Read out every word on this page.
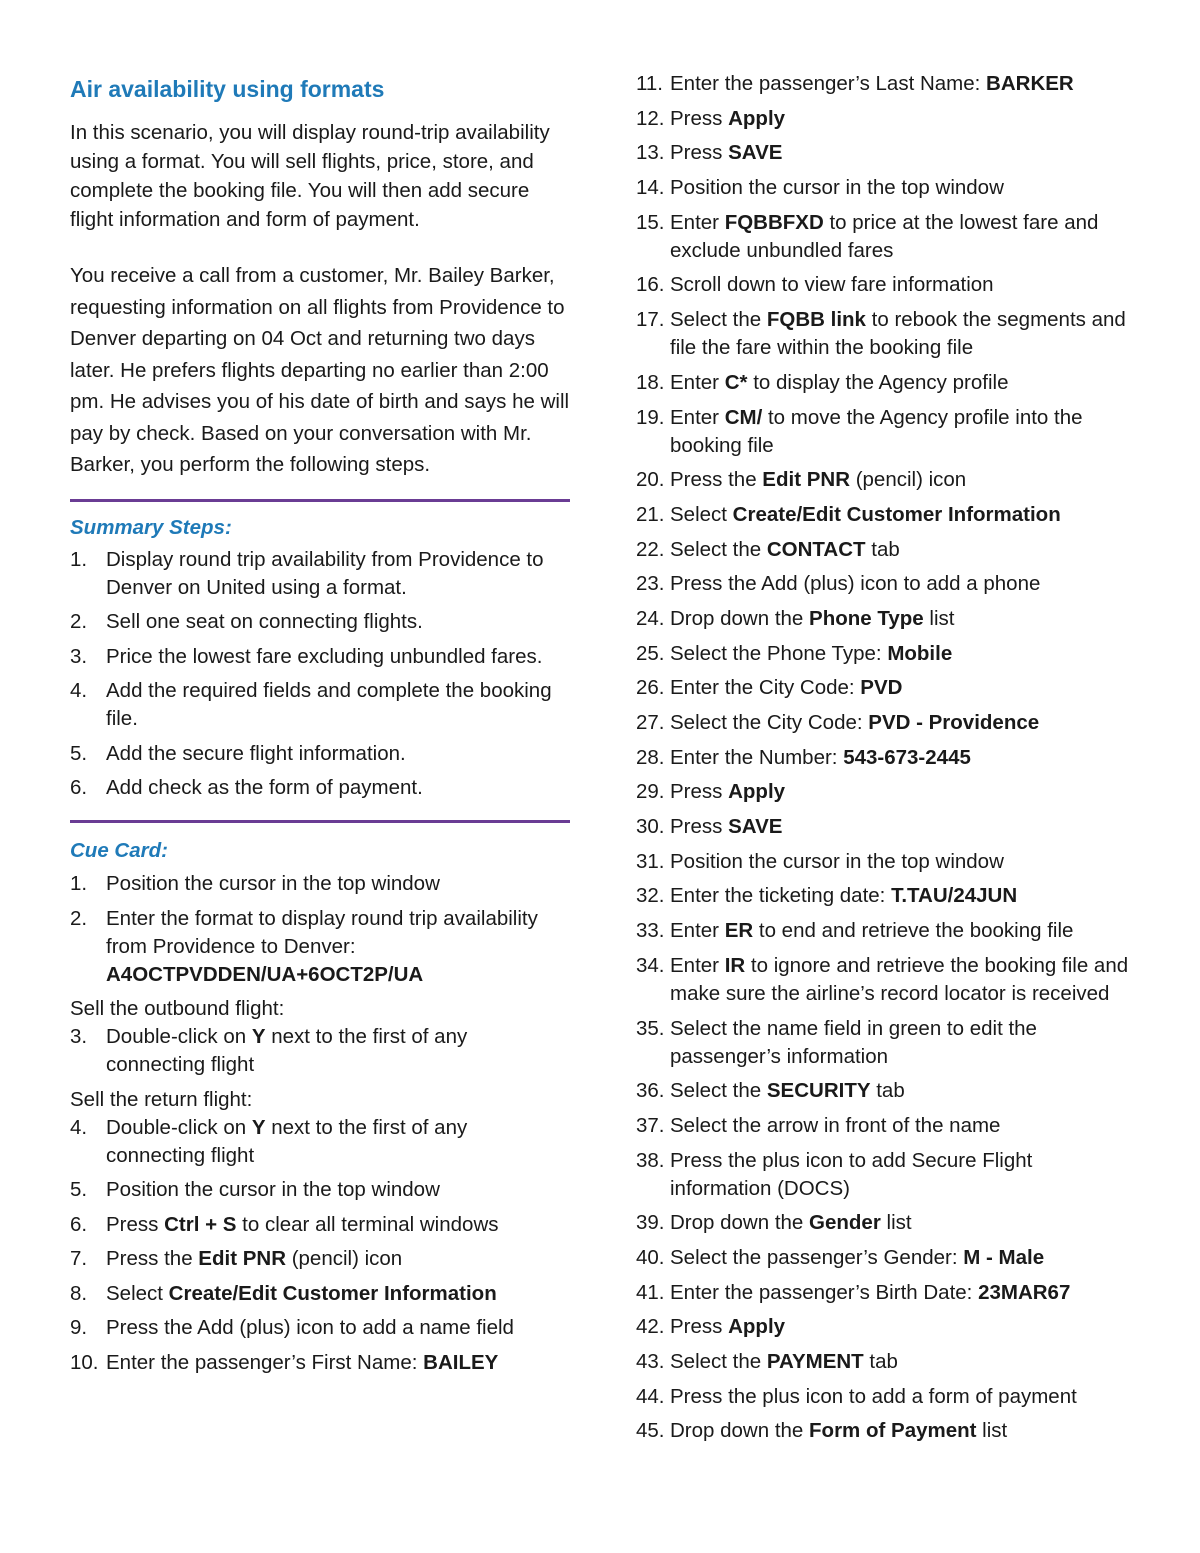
Air availability using formats

In this scenario, you will display round-trip availability using a format. You will sell flights, price, store, and complete the booking file. You will then add secure flight information and form of payment.

You receive a call from a customer, Mr. Bailey Barker, requesting information on all flights from Providence to Denver departing on 04 Oct and returning two days later. He prefers flights departing no earlier than 2:00 pm. He advises you of his date of birth and says he will pay by check. Based on your conversation with Mr. Barker, you perform the following steps.

Summary Steps:

1. Display round trip availability from Providence to Denver on United using a format.

2. Sell one seat on connecting flights.

3. Price the lowest fare excluding unbundled fares.

4. Add the required fields and complete the booking file.

5. Add the secure flight information.

6. Add check as the form of payment.

Cue Card:

1. Position the cursor in the top window

2. Enter the format to display round trip availability from Providence to Denver: A4OCTPVDDEN/UA+6OCT2P/UA

Sell the outbound flight:

3. Double-click on Y next to the first of any connecting flight

Sell the return flight:

4. Double-click on Y next to the first of any connecting flight

5. Position the cursor in the top window

6. Press Ctrl + S to clear all terminal windows

7. Press the Edit PNR (pencil) icon

8. Select Create/Edit Customer Information

9. Press the Add (plus) icon to add a name field

10. Enter the passenger’s First Name: BAILEY

11. Enter the passenger’s Last Name: BARKER

12. Press Apply

13. Press SAVE

14. Position the cursor in the top window

15. Enter FQBBFXD to price at the lowest fare and exclude unbundled fares

16. Scroll down to view fare information

17. Select the FQBB link to rebook the segments and file the fare within the booking file

18. Enter C* to display the Agency profile

19. Enter CM/ to move the Agency profile into the booking file

20. Press the Edit PNR (pencil) icon

21. Select Create/Edit Customer Information

22. Select the CONTACT tab

23. Press the Add (plus) icon to add a phone

24. Drop down the Phone Type list

25. Select the Phone Type: Mobile

26. Enter the City Code: PVD

27. Select the City Code: PVD - Providence

28. Enter the Number: 543-673-2445

29. Press Apply

30. Press SAVE

31. Position the cursor in the top window

32. Enter the ticketing date: T.TAU/24JUN

33. Enter ER to end and retrieve the booking file

34. Enter IR to ignore and retrieve the booking file and make sure the airline’s record locator is received

35. Select the name field in green to edit the passenger’s information

36. Select the SECURITY tab

37. Select the arrow in front of the name

38. Press the plus icon to add Secure Flight information (DOCS)

39. Drop down the Gender list

40. Select the passenger’s Gender: M - Male

41. Enter the passenger’s Birth Date: 23MAR67

42. Press Apply

43. Select the PAYMENT tab

44. Press the plus icon to add a form of payment

45. Drop down the Form of Payment list
